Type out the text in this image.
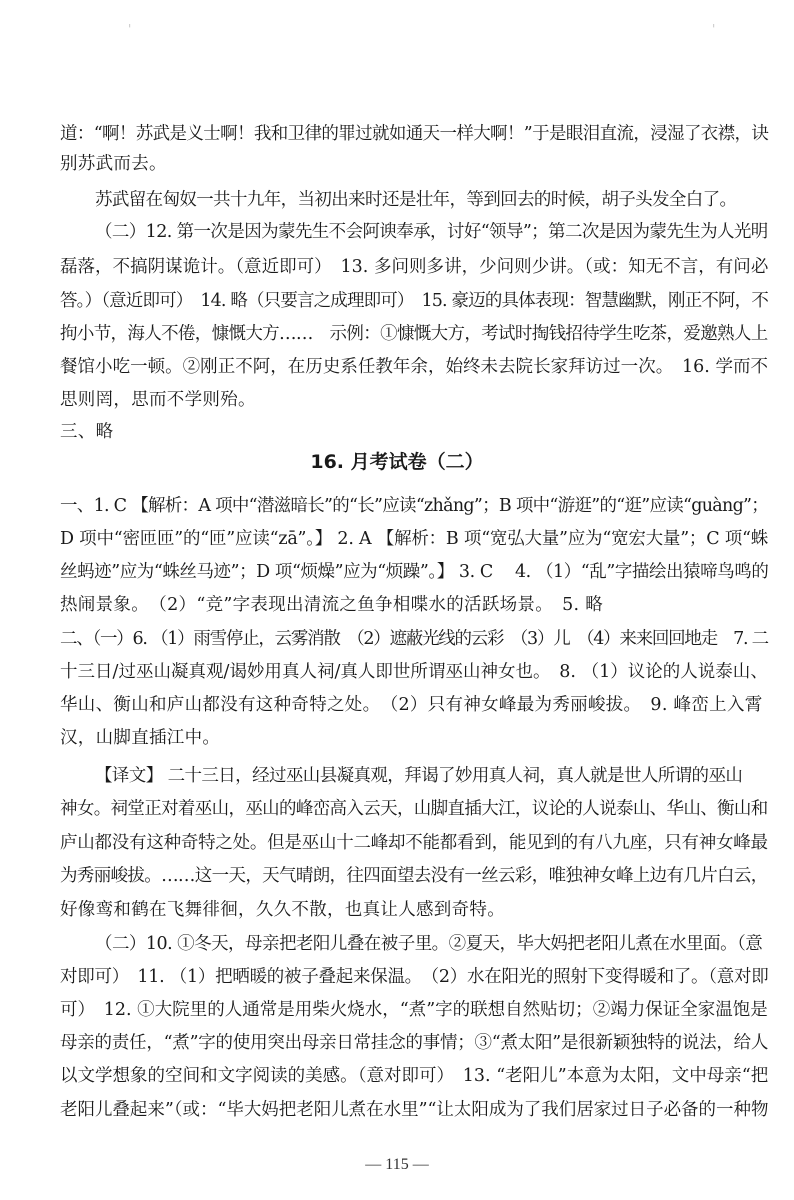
'	'
道：“啊！苏武是义士啊！我和卫律的罪过就如通天一样大啊！”于是眼泪直流，浸湿了衣襟，诀
别苏武而去。
苏武留在匈奴一共十九年，当初出来时还是壮年，等到回去的时候，胡子头发全白了。
（二）12. 第一次是因为蒙先生不会阿谀奉承，讨好“领导”；第二次是因为蒙先生为人光明
磊落，不搞阴谋诡计。（意近即可）　13. 多问则多讲，少问则少讲。（或：知无不言，有问必
答。）（意近即可）　14. 略（只要言之成理即可）　15. 豪迈的具体表现：智慧幽默，刚正不阿，不
拘小节，海人不倦，慷慨大方……　示例：①慷慨大方，考试时掏钱招待学生吃茶，爱邀熟人上
餐馆小吃一顿。②刚正不阿，在历史系任教年余，始终未去院长家拜访过一次。　16. 学而不
思则罔，思而不学则殆。
三、略
16. 月考试卷（二）
一、1. C 【解析：A 项中“潜滋暗长”的“长”应读“zhǎng”；B 项中“游逛”的“逛”应读“guàng”；
D 项中“密匝匝”的“匝”应读“zā”。】 2. A 【解析：B 项“宽弘大量”应为“宽宏大量”；C 项“蛛
丝蚂迹”应为“蛛丝马迹”；D 项“烦燥”应为“烦躁”。】 3. C 　4. （1）“乱”字描绘出猿啼鸟鸣的
热闹景象。　（2）“竞”字表现出清流之鱼争相喋水的活跃场景。　5. 略
二、（一）6. （1）雨雪停止，云雾消散　（2）遮蔽光线的云彩　（3）儿　（4）来来回回地走　7. 二
十三日/过巫山凝真观/谒妙用真人祠/真人即世所谓巫山神女也。　8. （1）议论的人说泰山、
华山、衡山和庐山都没有这种奇特之处。　（2）只有神女峰最为秀丽峻拔。　9. 峰峦上入霄
汉，山脚直插江中。
【译文】 二十三日，经过巫山县凝真观，拜谒了妙用真人祠，真人就是世人所谓的巫山
神女。祠堂正对着巫山，巫山的峰峦高入云天，山脚直插大江，议论的人说泰山、华山、衡山和
庐山都没有这种奇特之处。但是巫山十二峰却不能都看到，能见到的有八九座，只有神女峰最
为秀丽峻拔。……这一天，天气晴朗，往四面望去没有一丝云彩，唯独神女峰上边有几片白云，
好像鸾和鹤在飞舞徘徊，久久不散，也真让人感到奇特。
（二）10. ①冬天，母亲把老阳儿叠在被子里。②夏天，毕大妈把老阳儿煮在水里面。（意
对即可）　11. （1）把晒暖的被子叠起来保温。　（2）水在阳光的照射下变得暖和了。（意对即
可）　12. ①大院里的人通常是用柴火烧水，“煮”字的联想自然贴切；②竭力保证全家温饱是
母亲的责任，“煮”字的使用突出母亲日常挂念的事情；③“煮太阳”是很新颖独特的说法，给人
以文学想象的空间和文字阅读的美感。（意对即可）　13. “老阳儿”本意为太阳，文中母亲“把
老阳儿叠起来”（或：“毕大妈把老阳儿煮在水里”“让太阳成为了我们居家过日子必备的一种物
— 115 —
